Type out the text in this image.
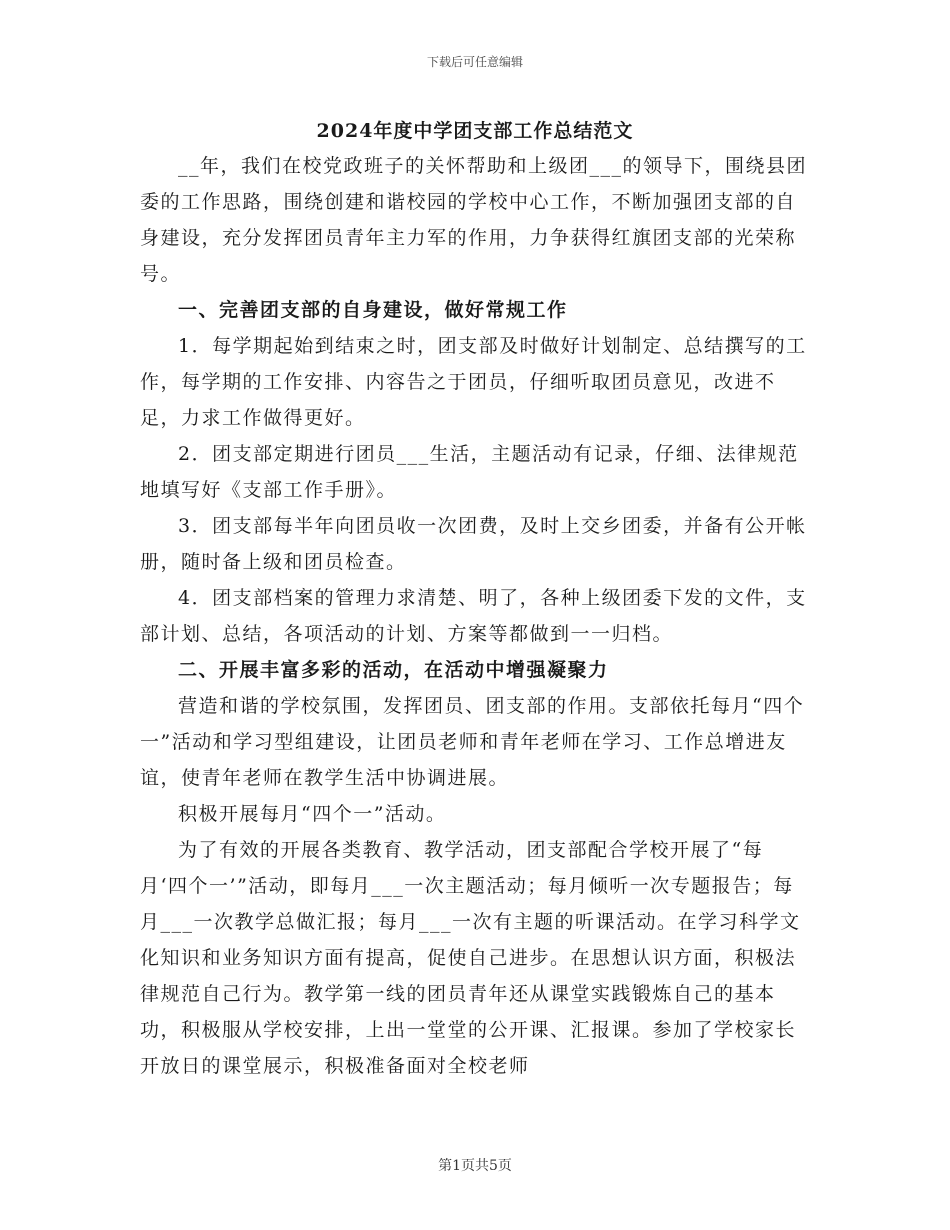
下载后可任意编辑
2024年度中学团支部工作总结范文

__年，我们在校党政班子的关怀帮助和上级团___的领导下，围绕县团委的工作思路，围绕创建和谐校园的学校中心工作，不断加强团支部的自身建设，充分发挥团员青年主力军的作用，力争获得红旗团支部的光荣称号。

一、完善团支部的自身建设，做好常规工作

1．每学期起始到结束之时，团支部及时做好计划制定、总结撰写的工作，每学期的工作安排、内容告之于团员，仔细听取团员意见，改进不足，力求工作做得更好。

2．团支部定期进行团员___生活，主题活动有记录，仔细、法律规范地填写好《支部工作手册》。

3．团支部每半年向团员收一次团费，及时上交乡团委，并备有公开帐册，随时备上级和团员检查。

4．团支部档案的管理力求清楚、明了，各种上级团委下发的文件，支部计划、总结，各项活动的计划、方案等都做到一一归档。

二、开展丰富多彩的活动，在活动中增强凝聚力

营造和谐的学校氛围，发挥团员、团支部的作用。支部依托每月“四个一”活动和学习型组建设，让团员老师和青年老师在学习、工作总增进友谊，使青年老师在教学生活中协调进展。

积极开展每月“四个一”活动。

为了有效的开展各类教育、教学活动，团支部配合学校开展了“每月‘四个一’”活动，即每月___一次主题活动；每月倾听一次专题报告；每月___一次教学总做汇报；每月___一次有主题的听课活动。在学习科学文化知识和业务知识方面有提高，促使自己进步。在思想认识方面，积极法律规范自己行为。教学第一线的团员青年还从课堂实践锻炼自己的基本功，积极服从学校安排，上出一堂堂的公开课、汇报课。参加了学校家长开放日的课堂展示，积极准备面对全校老师

第1页共5页
